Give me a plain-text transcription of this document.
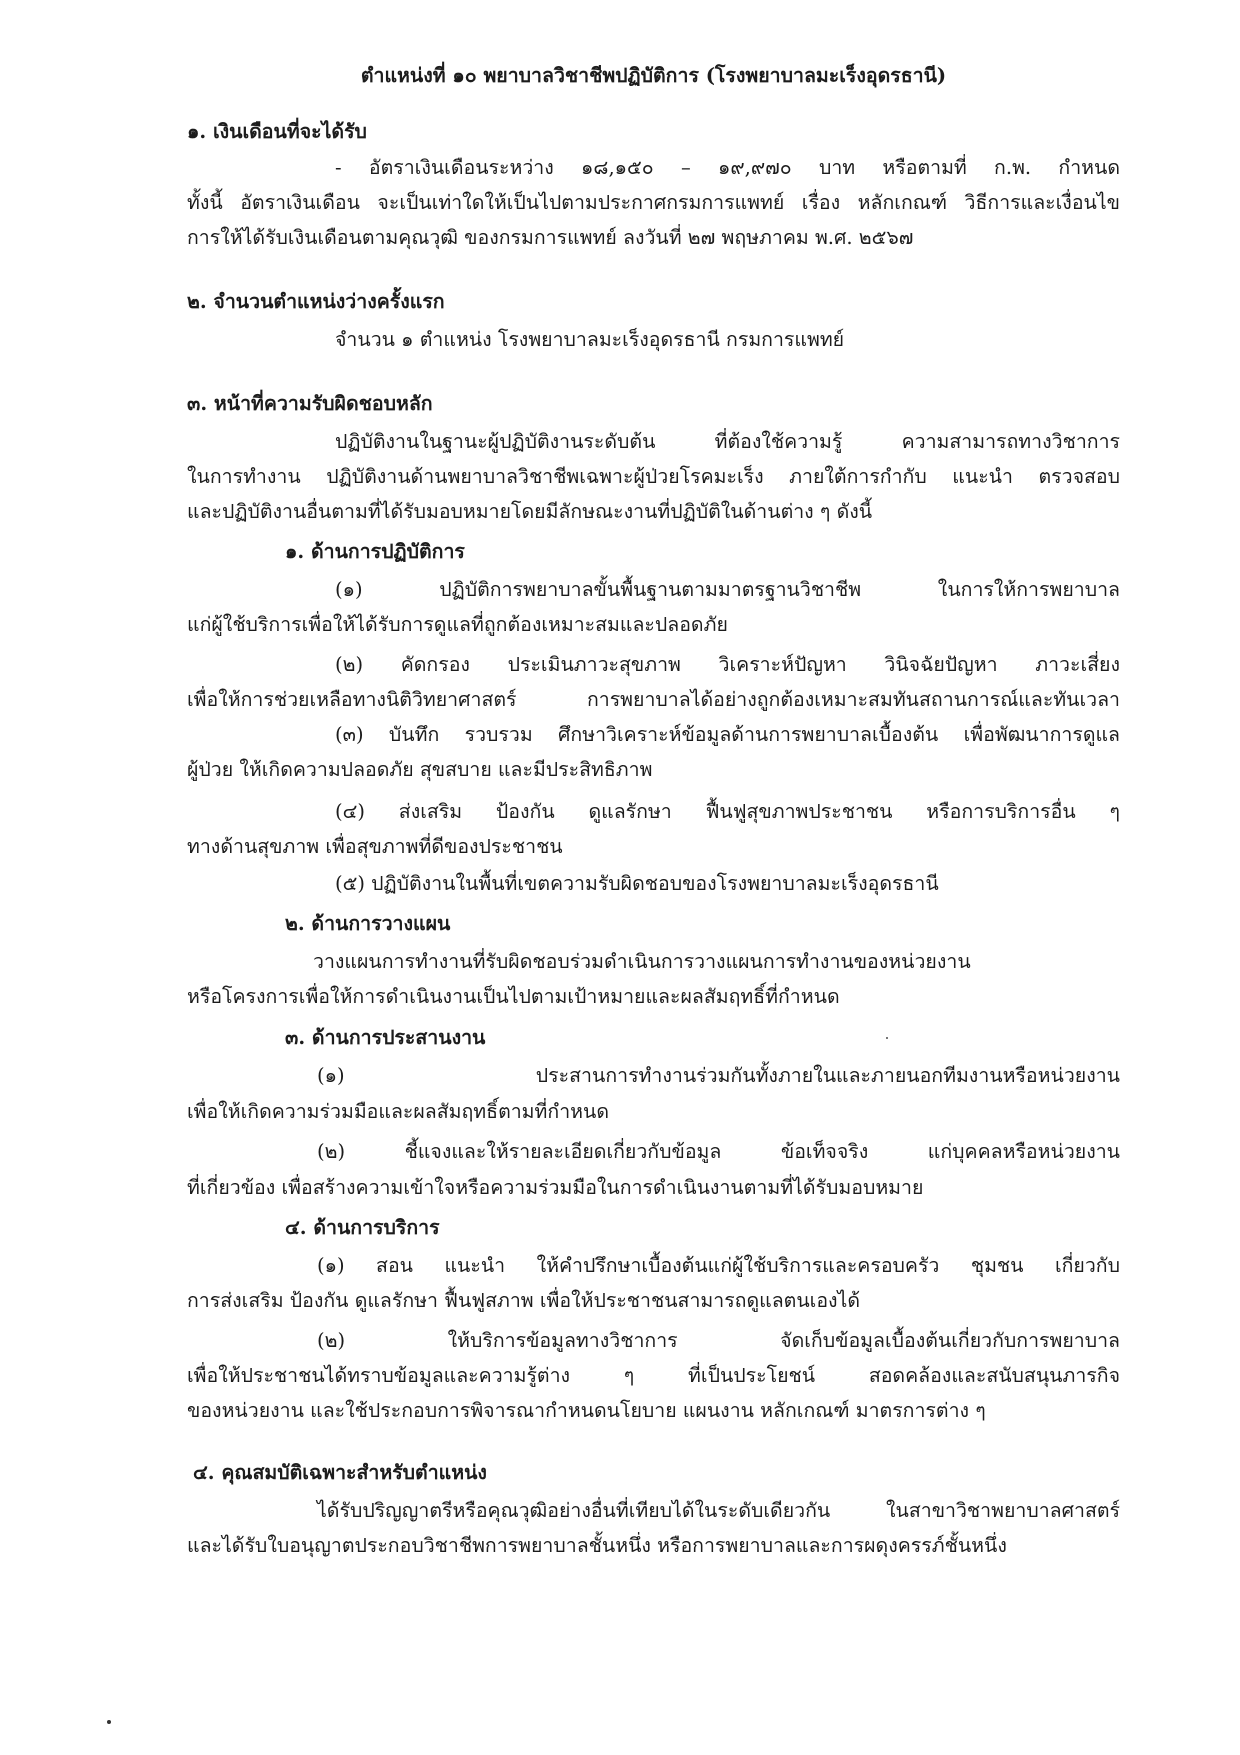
ตำแหน่งที่ ๑๐ พยาบาลวิชาชีพปฏิบัติการ (โรงพยาบาลมะเร็งอุดรธานี)
๑. เงินเดือนที่จะได้รับ
- อัตราเงินเดือนระหว่าง ๑๘,๑๕๐ – ๑๙,๙๗๐ บาท หรือตามที่ ก.พ. กำหนด
ทั้งนี้ อัตราเงินเดือน จะเป็นเท่าใดให้เป็นไปตามประกาศกรมการแพทย์ เรื่อง หลักเกณฑ์ วิธีการและเงื่อนไข
การให้ได้รับเงินเดือนตามคุณวุฒิ ของกรมการแพทย์ ลงวันที่ ๒๗ พฤษภาคม พ.ศ. ๒๕๖๗
๒. จำนวนตำแหน่งว่างครั้งแรก
จำนวน ๑ ตำแหน่ง โรงพยาบาลมะเร็งอุดรธานี กรมการแพทย์
๓. หน้าที่ความรับผิดชอบหลัก
ปฏิบัติงานในฐานะผู้ปฏิบัติงานระดับต้น ที่ต้องใช้ความรู้ ความสามารถทางวิชาการ
ในการทำงาน ปฏิบัติงานด้านพยาบาลวิชาชีพเฉพาะผู้ป่วยโรคมะเร็ง ภายใต้การกำกับ แนะนำ ตรวจสอบ
และปฏิบัติงานอื่นตามที่ได้รับมอบหมายโดยมีลักษณะงานที่ปฏิบัติในด้านต่าง ๆ ดังนี้
๑. ด้านการปฏิบัติการ
(๑) ปฏิบัติการพยาบาลขั้นพื้นฐานตามมาตรฐานวิชาชีพ ในการให้การพยาบาล
แก่ผู้ใช้บริการเพื่อให้ได้รับการดูแลที่ถูกต้องเหมาะสมและปลอดภัย
(๒) คัดกรอง ประเมินภาวะสุขภาพ วิเคราะห์ปัญหา วินิจฉัยปัญหา ภาวะเสี่ยง
เพื่อให้การช่วยเหลือทางนิติวิทยาศาสตร์ การพยาบาลได้อย่างถูกต้องเหมาะสมทันสถานการณ์และทันเวลา
(๓) บันทึก รวบรวม ศึกษาวิเคราะห์ข้อมูลด้านการพยาบาลเบื้องต้น เพื่อพัฒนาการดูแล
ผู้ป่วย ให้เกิดความปลอดภัย สุขสบาย และมีประสิทธิภาพ
(๔) ส่งเสริม ป้องกัน ดูแลรักษา ฟื้นฟูสุขภาพประชาชน หรือการบริการอื่น ๆ
ทางด้านสุขภาพ เพื่อสุขภาพที่ดีของประชาชน
(๕) ปฏิบัติงานในพื้นที่เขตความรับผิดชอบของโรงพยาบาลมะเร็งอุดรธานี
๒. ด้านการวางแผน
วางแผนการทำงานที่รับผิดชอบร่วมดำเนินการวางแผนการทำงานของหน่วยงาน
หรือโครงการเพื่อให้การดำเนินงานเป็นไปตามเป้าหมายและผลสัมฤทธิ์ที่กำหนด
๓. ด้านการประสานงาน
(๑) ประสานการทำงานร่วมกันทั้งภายในและภายนอกทีมงานหรือหน่วยงาน
เพื่อให้เกิดความร่วมมือและผลสัมฤทธิ์ตามที่กำหนด
(๒) ชี้แจงและให้รายละเอียดเกี่ยวกับข้อมูล ข้อเท็จจริง แก่บุคคลหรือหน่วยงาน
ที่เกี่ยวข้อง เพื่อสร้างความเข้าใจหรือความร่วมมือในการดำเนินงานตามที่ได้รับมอบหมาย
๔. ด้านการบริการ
(๑) สอน แนะนำ ให้คำปรึกษาเบื้องต้นแก่ผู้ใช้บริการและครอบครัว ชุมชน เกี่ยวกับ
การส่งเสริม ป้องกัน ดูแลรักษา ฟื้นฟูสภาพ เพื่อให้ประชาชนสามารถดูแลตนเองได้
(๒) ให้บริการข้อมูลทางวิชาการ จัดเก็บข้อมูลเบื้องต้นเกี่ยวกับการพยาบาล
เพื่อให้ประชาชนได้ทราบข้อมูลและความรู้ต่าง ๆ ที่เป็นประโยชน์ สอดคล้องและสนับสนุนภารกิจ
ของหน่วยงาน และใช้ประกอบการพิจารณากำหนดนโยบาย แผนงาน หลักเกณฑ์ มาตรการต่าง ๆ
๔. คุณสมบัติเฉพาะสำหรับตำแหน่ง
ได้รับปริญญาตรีหรือคุณวุฒิอย่างอื่นที่เทียบได้ในระดับเดียวกัน ในสาขาวิชาพยาบาลศาสตร์
และได้รับใบอนุญาตประกอบวิชาชีพการพยาบาลชั้นหนึ่ง หรือการพยาบาลและการผดุงครรภ์ชั้นหนึ่ง
